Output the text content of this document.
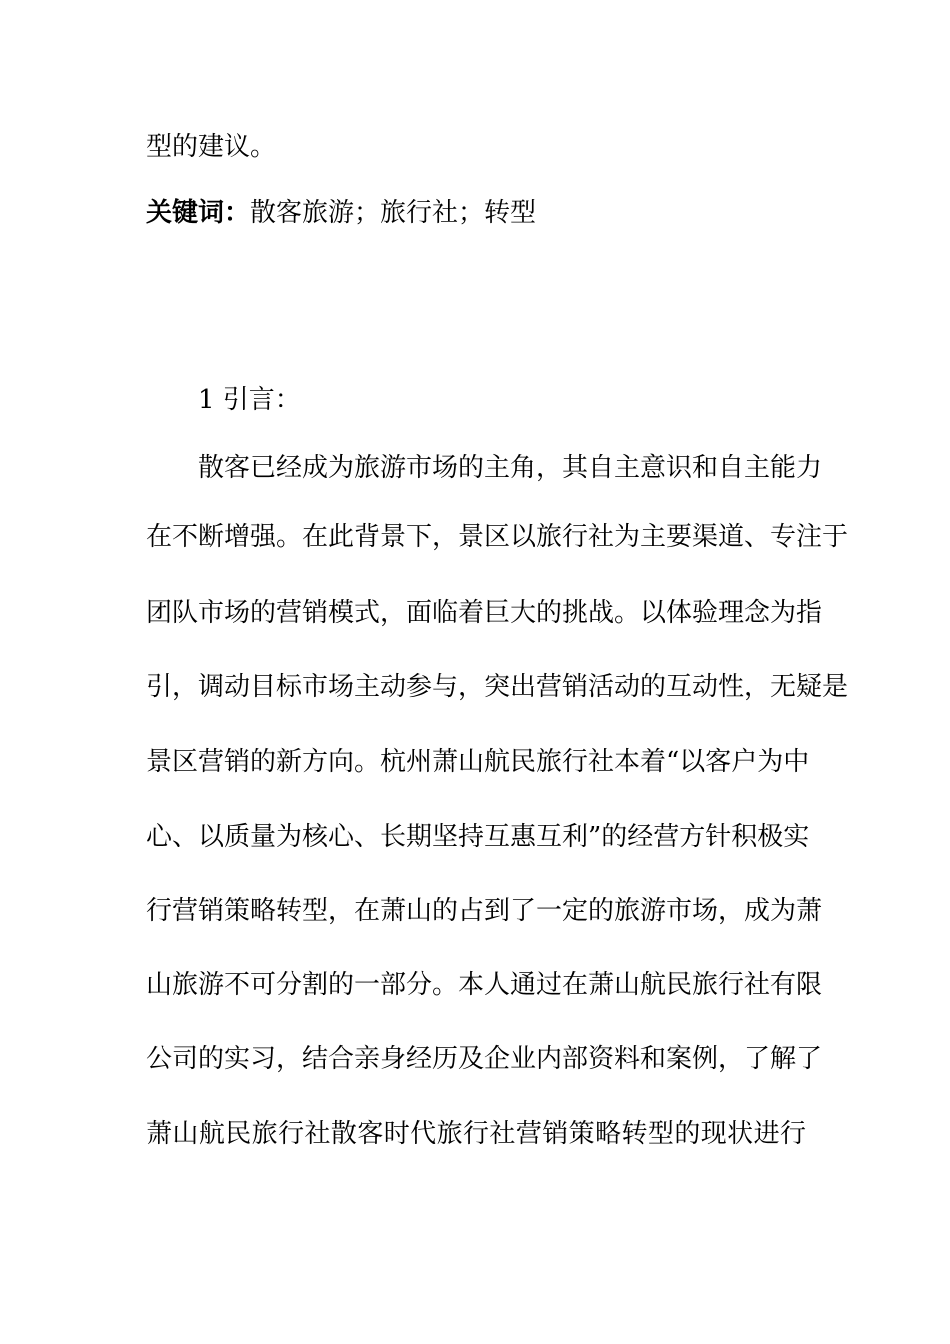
型的建议。
关键词：散客旅游；旅行社；转型
1 引言：
散客已经成为旅游市场的主角，其自主意识和自主能力
在不断增强。在此背景下，景区以旅行社为主要渠道、专注于
团队市场的营销模式，面临着巨大的挑战。以体验理念为指
引，调动目标市场主动参与，突出营销活动的互动性，无疑是
景区营销的新方向。杭州萧山航民旅行社本着“以客户为中
心、以质量为核心、长期坚持互惠互利”的经营方针积极实
行营销策略转型，在萧山的占到了一定的旅游市场，成为萧
山旅游不可分割的一部分。本人通过在萧山航民旅行社有限
公司的实习，结合亲身经历及企业内部资料和案例，了解了
萧山航民旅行社散客时代旅行社营销策略转型的现状进行
